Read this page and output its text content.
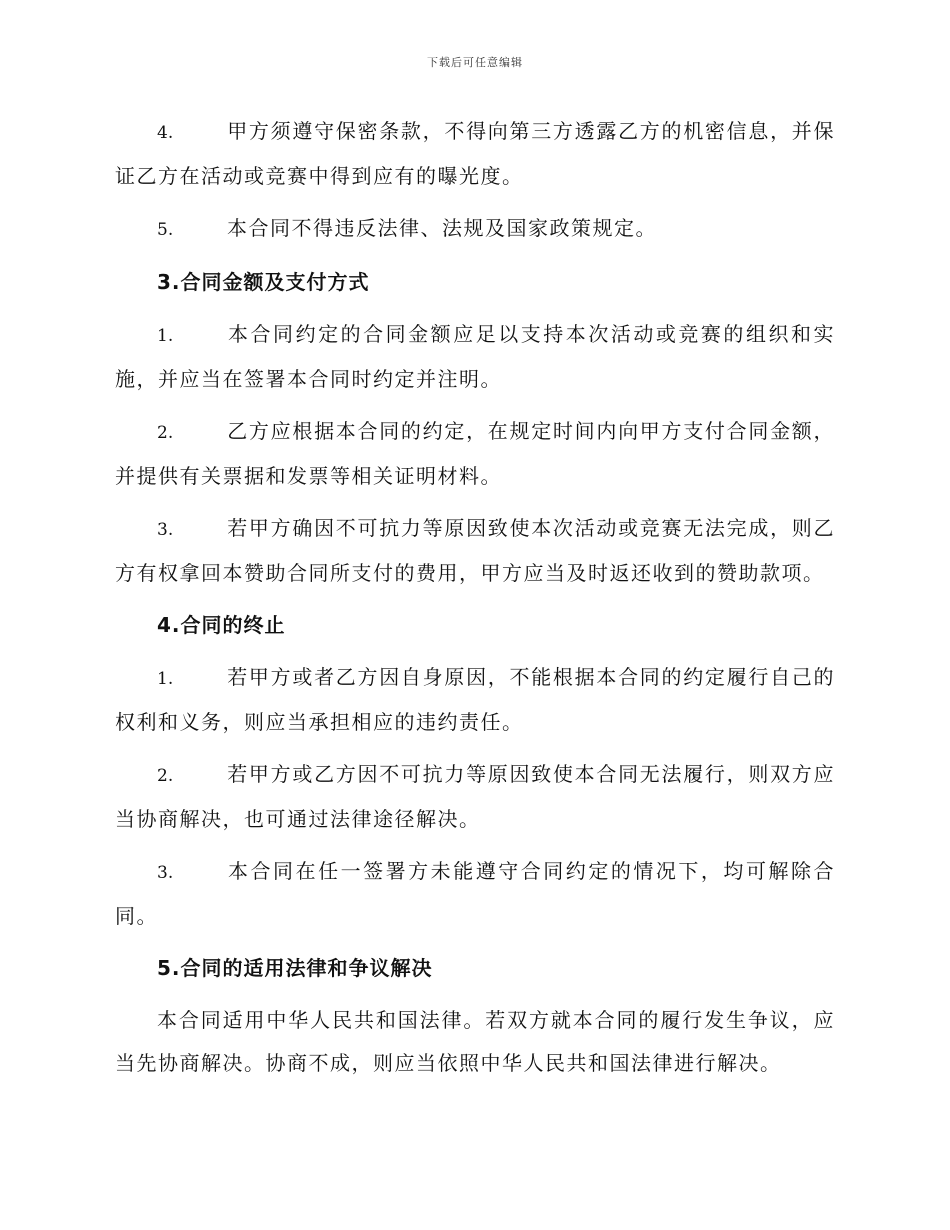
下载后可任意编辑

4.	甲方须遵守保密条款，不得向第三方透露乙方的机密信息，并保证乙方在活动或竞赛中得到应有的曝光度。

5.	本合同不得违反法律、法规及国家政策规定。

3.合同金额及支付方式

1.	本合同约定的合同金额应足以支持本次活动或竞赛的组织和实施，并应当在签署本合同时约定并注明。

2.	乙方应根据本合同的约定，在规定时间内向甲方支付合同金额，并提供有关票据和发票等相关证明材料。

3.	若甲方确因不可抗力等原因致使本次活动或竞赛无法完成，则乙方有权拿回本赞助合同所支付的费用，甲方应当及时返还收到的赞助款项。

4.合同的终止

1.	若甲方或者乙方因自身原因，不能根据本合同的约定履行自己的权利和义务，则应当承担相应的违约责任。

2.	若甲方或乙方因不可抗力等原因致使本合同无法履行，则双方应当协商解决，也可通过法律途径解决。

3.	本合同在任一签署方未能遵守合同约定的情况下，均可解除合同。

5.合同的适用法律和争议解决

本合同适用中华人民共和国法律。若双方就本合同的履行发生争议，应当先协商解决。协商不成，则应当依照中华人民共和国法律进行解决。
